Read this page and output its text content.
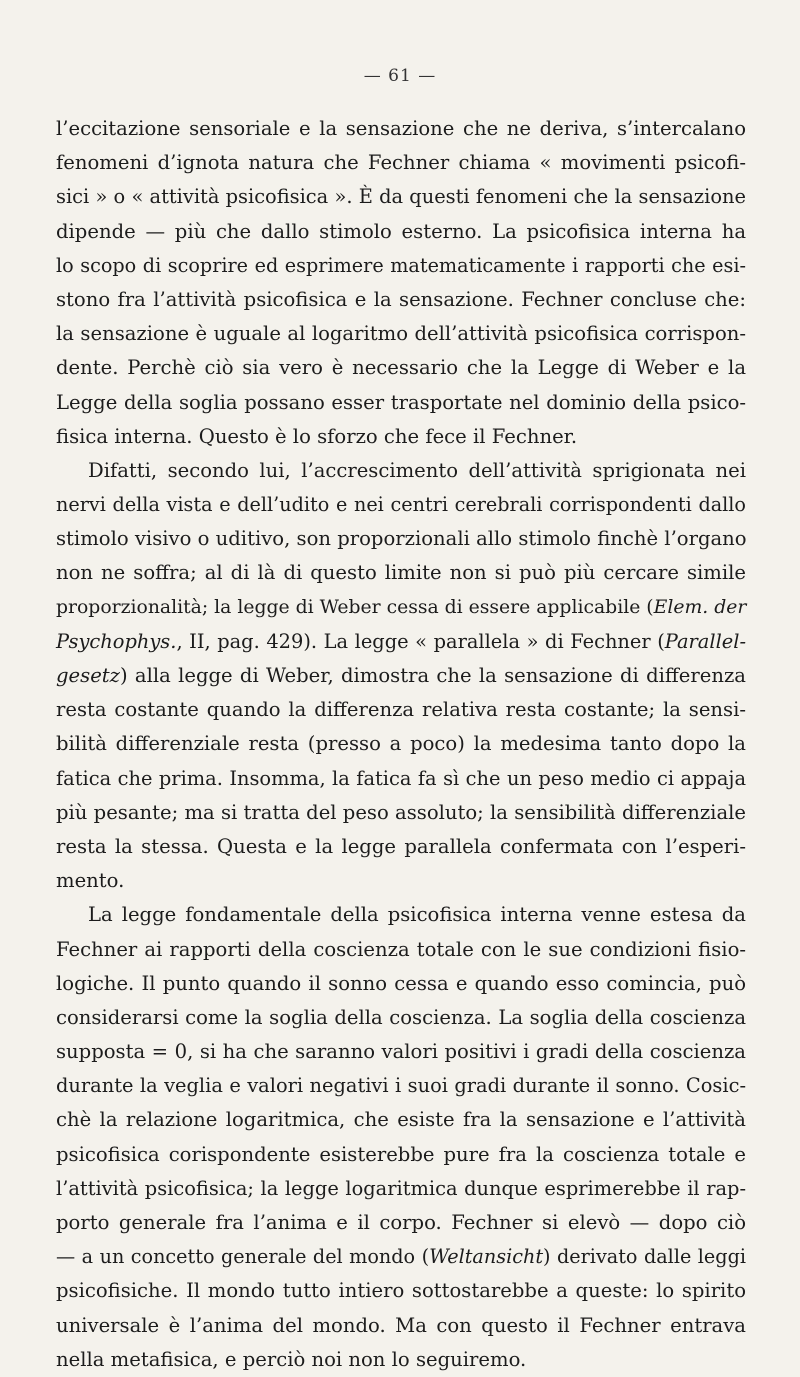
— 61 —
l’eccitazione sensoriale e la sensazione che ne deriva, s’intercalano
fenomeni d’ignota natura che Fechner chiama « movimenti psicofi-
sici » o « attività psicofisica ». È da questi fenomeni che la sensazione
dipende — più che dallo stimolo esterno. La psicofisica interna ha
lo scopo di scoprire ed esprimere matematicamente i rapporti che esi-
stono fra l’attività psicofisica e la sensazione. Fechner concluse che:
la sensazione è uguale al logaritmo dell’attività psicofisica corrispon-
dente. Perchè ciò sia vero è necessario che la Legge di Weber e la
Legge della soglia possano esser trasportate nel dominio della psico-
fisica interna. Questo è lo sforzo che fece il Fechner.
Difatti, secondo lui, l’accrescimento dell’attività sprigionata nei
nervi della vista e dell’udito e nei centri cerebrali corrispondenti dallo
stimolo visivo o uditivo, son proporzionali allo stimolo finchè l’organo
non ne soffra; al di là di questo limite non si può più cercare simile
proporzionalità; la legge di Weber cessa di essere applicabile (Elem. der
Psychophys., II, pag. 429). La legge « parallela » di Fechner (Parallel-
gesetz) alla legge di Weber, dimostra che la sensazione di differenza
resta costante quando la differenza relativa resta costante; la sensi-
bilità differenziale resta (presso a poco) la medesima tanto dopo la
fatica che prima. Insomma, la fatica fa sì che un peso medio ci appaja
più pesante; ma si tratta del peso assoluto; la sensibilità differenziale
resta la stessa. Questa e la legge parallela confermata con l’esperi-
mento.
La legge fondamentale della psicofisica interna venne estesa da
Fechner ai rapporti della coscienza totale con le sue condizioni fisio-
logiche. Il punto quando il sonno cessa e quando esso comincia, può
considerarsi come la soglia della coscienza. La soglia della coscienza
supposta = 0, si ha che saranno valori positivi i gradi della coscienza
durante la veglia e valori negativi i suoi gradi durante il sonno. Cosic-
chè la relazione logaritmica, che esiste fra la sensazione e l’attività
psicofisica corispondente esisterebbe pure fra la coscienza totale e
l’attività psicofisica; la legge logaritmica dunque esprimerebbe il rap-
porto generale fra l’anima e il corpo. Fechner si elevò — dopo ciò
— a un concetto generale del mondo (Weltansicht) derivato dalle leggi
psicofisiche. Il mondo tutto intiero sottostarebbe a queste: lo spirito
universale è l’anima del mondo. Ma con questo il Fechner entrava
nella metafisica, e perciò noi non lo seguiremo.
